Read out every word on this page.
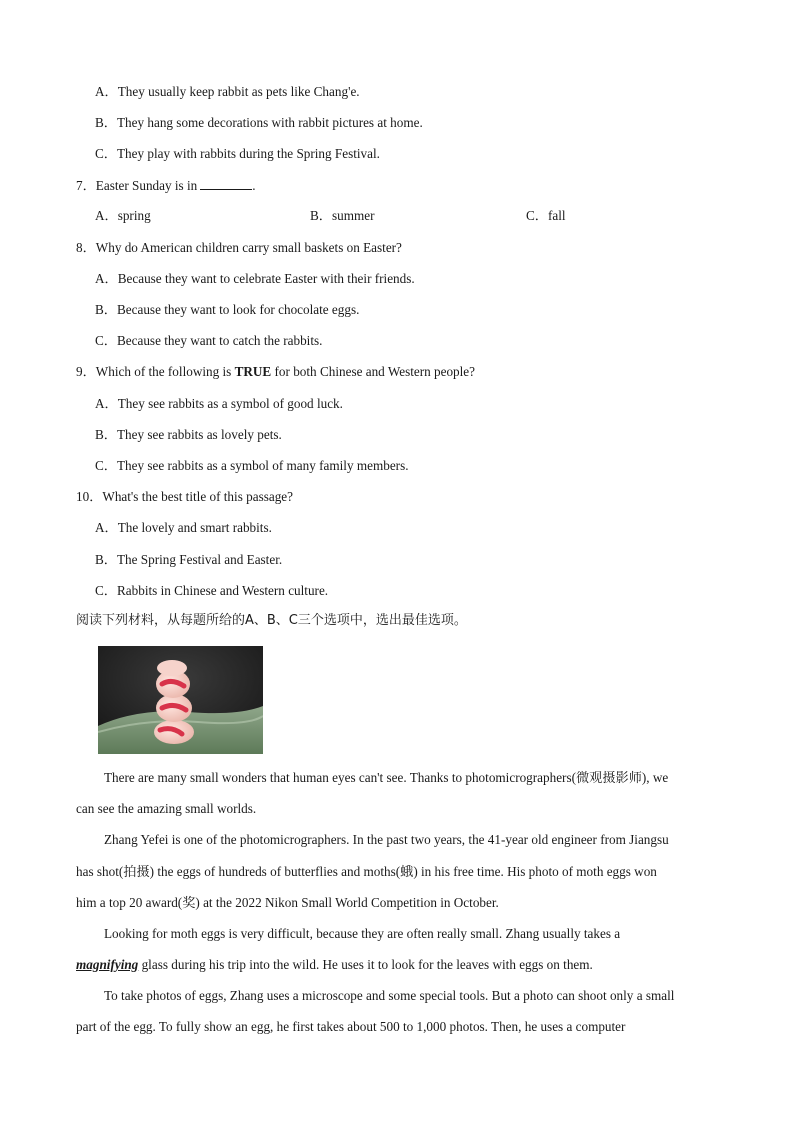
A．They usually keep rabbit as pets like Chang'e.
B．They hang some decorations with rabbit pictures at home.
C．They play with rabbits during the Spring Festival.
7．Easter Sunday is in	.
A．spring	B．summer	C．fall
8．Why do American children carry small baskets on Easter?
A．Because they want to celebrate Easter with their friends.
B．Because they want to look for chocolate eggs.
C．Because they want to catch the rabbits.
9．Which of the following is TRUE for both Chinese and Western people?
A．They see rabbits as a symbol of good luck.
B．They see rabbits as lovely pets.
C．They see rabbits as a symbol of many family members.
10．What's the best title of this passage?
A．The lovely and smart rabbits.
B．The Spring Festival and Easter.
C．Rabbits in Chinese and Western culture.
阅读下列材料，从每题所给的A、B、C三个选项中，选出最佳选项。
There are many small wonders that human eyes can't see. Thanks to photomicrographers(微观摄影师), we
can see the amazing small worlds.
Zhang Yefei is one of the photomicrographers. In the past two years, the 41-year old engineer from Jiangsu
has shot(拍摄) the eggs of hundreds of butterflies and moths(蛾) in his free time. His photo of moth eggs won
him a top 20 award(奖) at the 2022 Nikon Small World Competition in October.
Looking for moth eggs is very difficult, because they are often really small. Zhang usually takes a
magnifying glass during his trip into the wild. He uses it to look for the leaves with eggs on them.
To take photos of eggs, Zhang uses a microscope and some special tools. But a photo can shoot only a small
part of the egg. To fully show an egg, he first takes about 500 to 1,000 photos. Then, he uses a computer
